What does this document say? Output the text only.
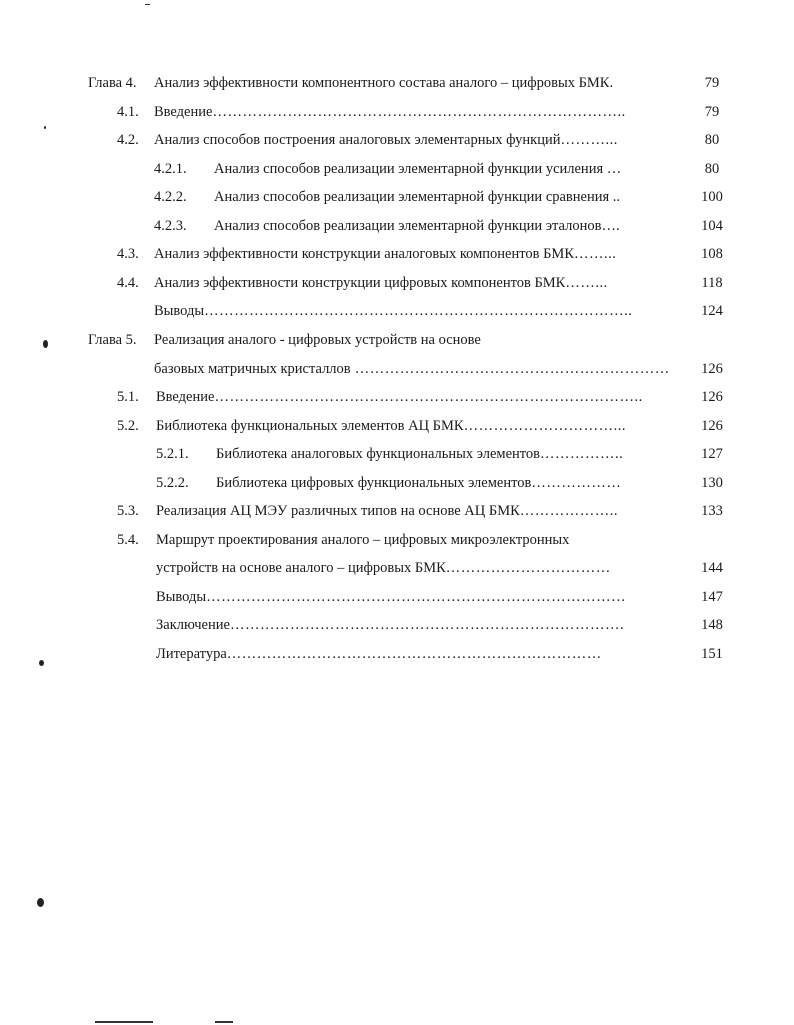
Глава 4. Анализ эффективности компонентного состава аналого – цифровых БМК.	79
4.1. Введение………………………………………………………………………..	79
4.2. Анализ способов построения аналоговых элементарных функций………...	80
4.2.1. Анализ способов реализации элементарной функции усиления …	80
4.2.2. Анализ способов реализации элементарной функции сравнения ..	100
4.2.3. Анализ способов реализации элементарной функции эталонов….	104
4.3. Анализ эффективности конструкции аналоговых компонентов БМК……...	108
4.4. Анализ эффективности конструкции цифровых компонентов БМК……...	118
Выводы…………………………………………………………………………..	124
Глава 5. Реализация аналого - цифровых устройств на основе
базовых матричных кристаллов ………………………………………………………	126
5.1. Введение…………………………………………………………………………..	126
5.2. Библиотека функциональных элементов АЦ БМК…………………………...	126
5.2.1. Библиотека аналоговых функциональных элементов……………..	127
5.2.2. Библиотека цифровых функциональных элементов………………	130
5.3. Реализация АЦ МЭУ различных типов на основе АЦ БМК………………..	133
5.4. Маршрут проектирования аналого – цифровых микроэлектронных
устройств на основе аналого – цифровых БМК……………………………	144
Выводы…………………………………………………………………………	147
Заключение…………………………………………………………………….	148
Литература…………………………………………………………………	151
